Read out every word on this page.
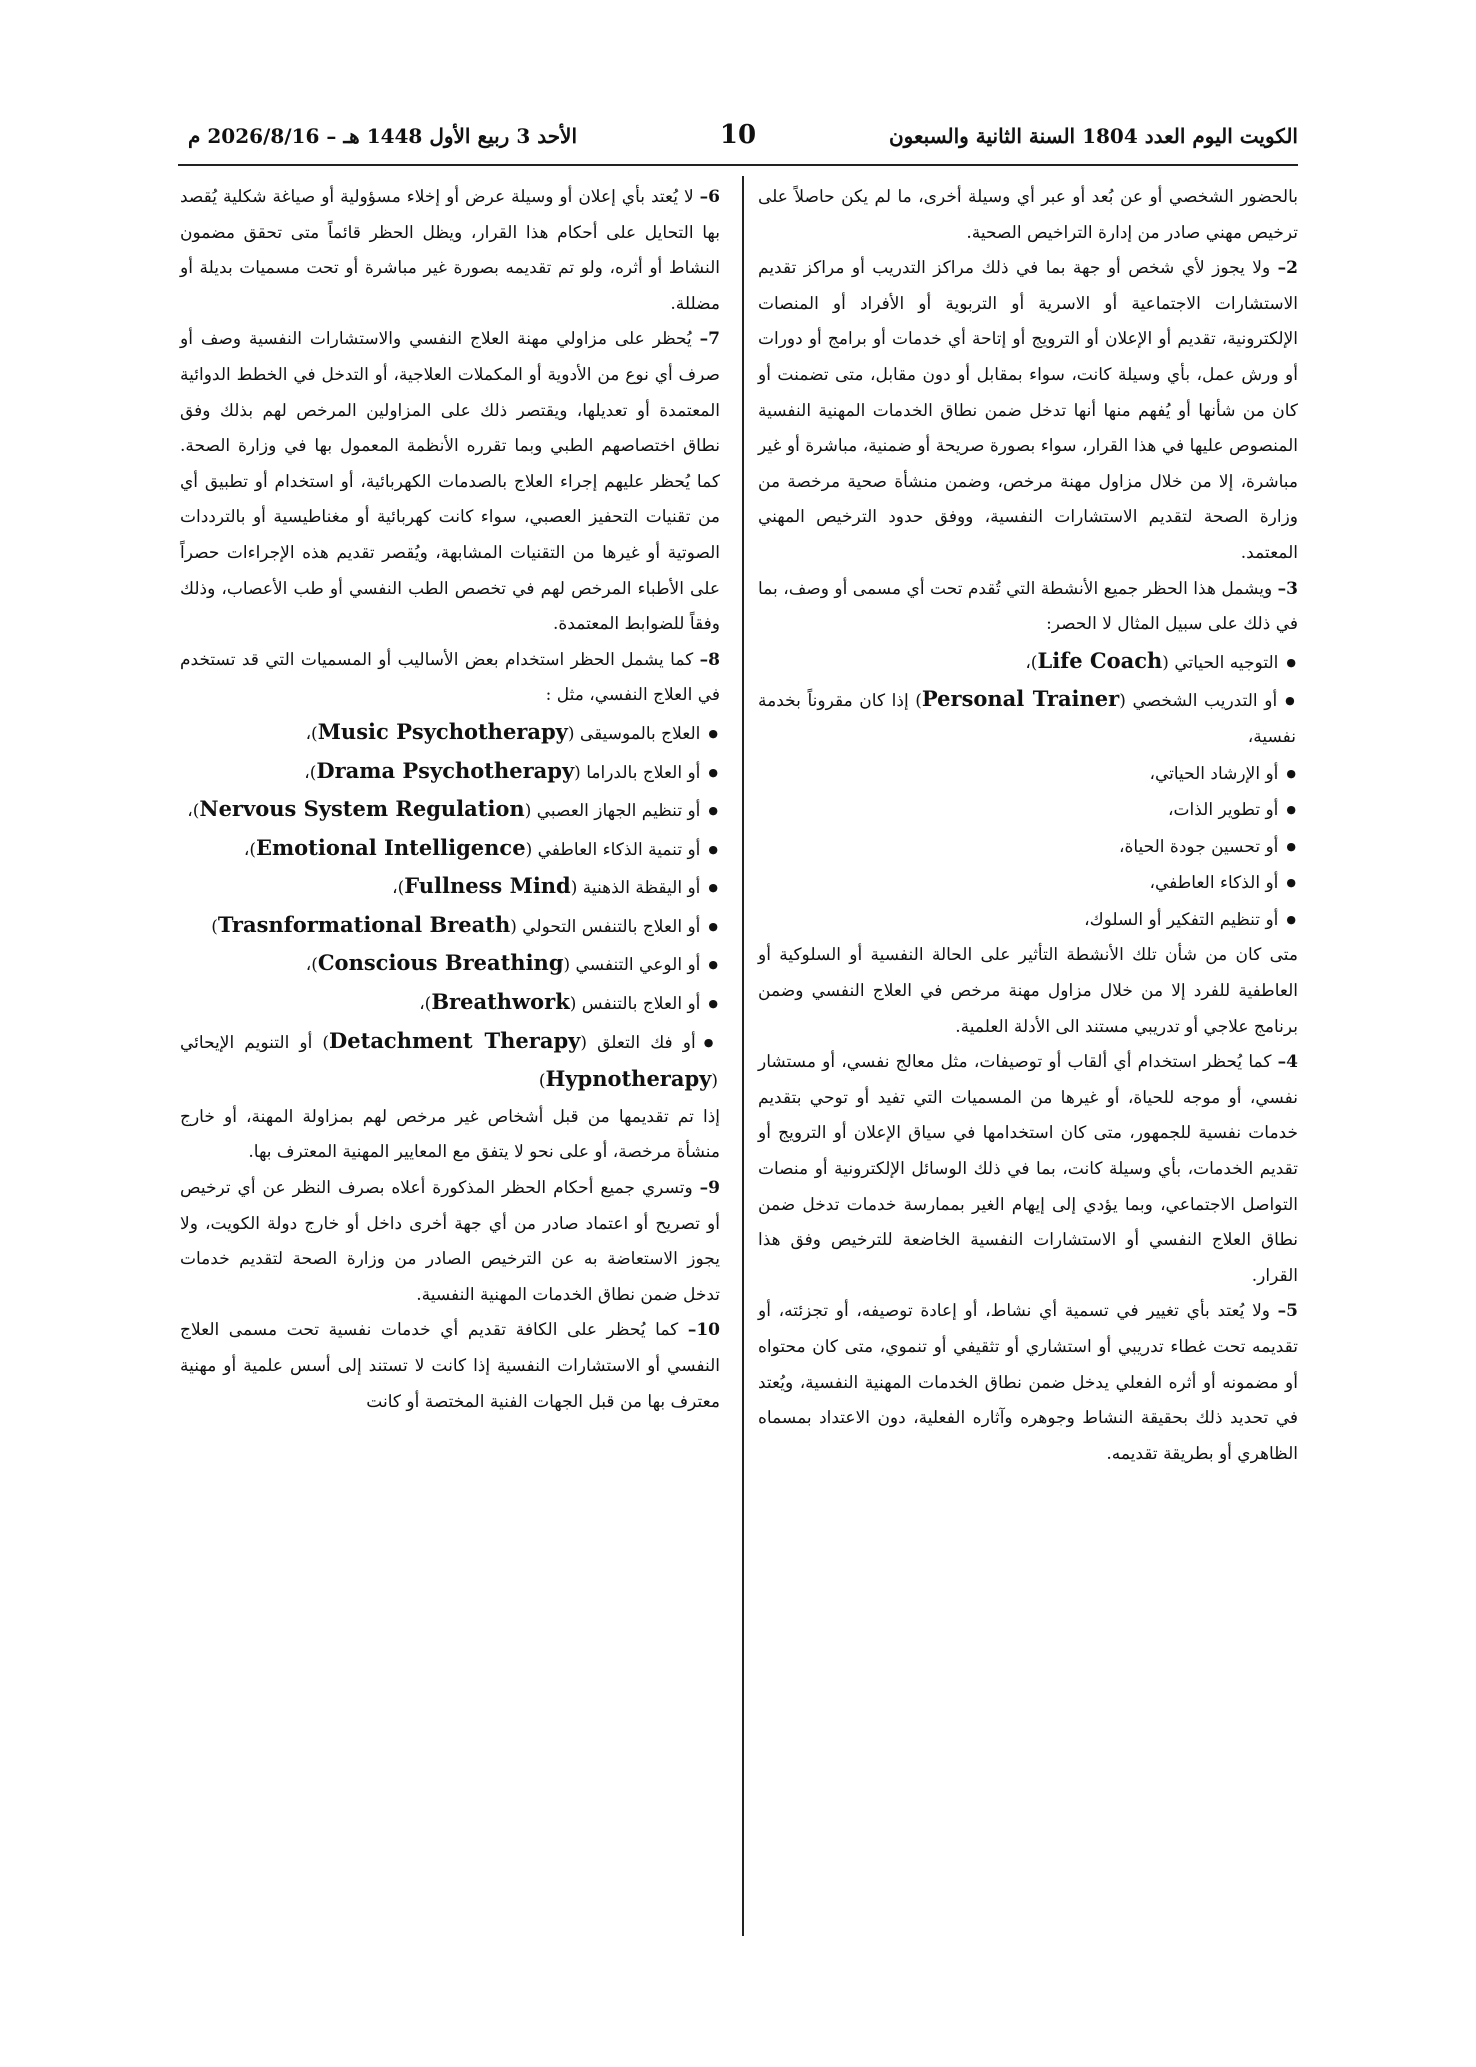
الكويت اليوم العدد 1804 السنة الثانية والسبعون
10
الأحد 3 ربيع الأول 1448 هـ – 2026/8/16 م

بالحضور الشخصي أو عن بُعد أو عبر أي وسيلة أخرى، ما لم يكن حاصلاً على ترخيص مهني صادر من إدارة التراخيص الصحية.

2– ولا يجوز لأي شخص أو جهة بما في ذلك مراكز التدريب أو مراكز تقديم الاستشارات الاجتماعية أو الاسرية أو التربوية أو الأفراد أو المنصات الإلكترونية، تقديم أو الإعلان أو الترويج أو إتاحة أي خدمات أو برامج أو دورات أو ورش عمل، بأي وسيلة كانت، سواء بمقابل أو دون مقابل، متى تضمنت أو كان من شأنها أو يُفهم منها أنها تدخل ضمن نطاق الخدمات المهنية النفسية المنصوص عليها في هذا القرار، سواء بصورة صريحة أو ضمنية، مباشرة أو غير مباشرة، إلا من خلال مزاول مهنة مرخص، وضمن منشأة صحية مرخصة من وزارة الصحة لتقديم الاستشارات النفسية، ووفق حدود الترخيص المهني المعتمد.

3– ويشمل هذا الحظر جميع الأنشطة التي تُقدم تحت أي مسمى أو وصف، بما في ذلك على سبيل المثال لا الحصر:

● التوجيه الحياتي (Life Coach)،

● أو التدريب الشخصي (Personal Trainer) إذا كان مقروناً بخدمة نفسية،

● أو الإرشاد الحياتي،

● أو تطوير الذات،

● أو تحسين جودة الحياة،

● أو الذكاء العاطفي،

● أو تنظيم التفكير أو السلوك،

متى كان من شأن تلك الأنشطة التأثير على الحالة النفسية أو السلوكية أو العاطفية للفرد إلا من خلال مزاول مهنة مرخص في العلاج النفسي وضمن برنامج علاجي أو تدريبي مستند الى الأدلة العلمية.

4– كما يُحظر استخدام أي ألقاب أو توصيفات، مثل معالج نفسي، أو مستشار نفسي، أو موجه للحياة، أو غيرها من المسميات التي تفيد أو توحي بتقديم خدمات نفسية للجمهور، متى كان استخدامها في سياق الإعلان أو الترويج أو تقديم الخدمات، بأي وسيلة كانت، بما في ذلك الوسائل الإلكترونية أو منصات التواصل الاجتماعي، وبما يؤدي إلى إيهام الغير بممارسة خدمات تدخل ضمن نطاق العلاج النفسي أو الاستشارات النفسية الخاضعة للترخيص وفق هذا القرار.

5– ولا يُعتد بأي تغيير في تسمية أي نشاط، أو إعادة توصيفه، أو تجزئته، أو تقديمه تحت غطاء تدريبي أو استشاري أو تثقيفي أو تنموي، متى كان محتواه أو مضمونه أو أثره الفعلي يدخل ضمن نطاق الخدمات المهنية النفسية، ويُعتد في تحديد ذلك بحقيقة النشاط وجوهره وآثاره الفعلية، دون الاعتداد بمسماه الظاهري أو بطريقة تقديمه.

6– لا يُعتد بأي إعلان أو وسيلة عرض أو إخلاء مسؤولية أو صياغة شكلية يُقصد بها التحايل على أحكام هذا القرار، ويظل الحظر قائماً متى تحقق مضمون النشاط أو أثره، ولو تم تقديمه بصورة غير مباشرة أو تحت مسميات بديلة أو مضللة.

7– يُحظر على مزاولي مهنة العلاج النفسي والاستشارات النفسية وصف أو صرف أي نوع من الأدوية أو المكملات العلاجية، أو التدخل في الخطط الدوائية المعتمدة أو تعديلها، ويقتصر ذلك على المزاولين المرخص لهم بذلك وفق نطاق اختصاصهم الطبي وبما تقرره الأنظمة المعمول بها في وزارة الصحة. كما يُحظر عليهم إجراء العلاج بالصدمات الكهربائية، أو استخدام أو تطبيق أي من تقنيات التحفيز العصبي، سواء كانت كهربائية أو مغناطيسية أو بالترددات الصوتية أو غيرها من التقنيات المشابهة، ويُقصر تقديم هذه الإجراءات حصراً على الأطباء المرخص لهم في تخصص الطب النفسي أو طب الأعصاب، وذلك وفقاً للضوابط المعتمدة.

8– كما يشمل الحظر استخدام بعض الأساليب أو المسميات التي قد تستخدم في العلاج النفسي، مثل :

● العلاج بالموسيقى (Music Psychotherapy)،

● أو العلاج بالدراما (Drama Psychotherapy)،

● أو تنظيم الجهاز العصبي (Nervous System Regulation)،

● أو تنمية الذكاء العاطفي (Emotional Intelligence)،

● أو اليقظة الذهنية (Fullness Mind)،

● أو العلاج بالتنفس التحولي (Trasnformational Breath)

● أو الوعي التنفسي (Conscious Breathing)،

● أو العلاج بالتنفس (Breathwork)،

● أو فك التعلق (Detachment Therapy) أو التنويم الإيحائي (Hypnotherapy)

إذا تم تقديمها من قبل أشخاص غير مرخص لهم بمزاولة المهنة، أو خارج منشأة مرخصة، أو على نحو لا يتفق مع المعايير المهنية المعترف بها.

9– وتسري جميع أحكام الحظر المذكورة أعلاه بصرف النظر عن أي ترخيص أو تصريح أو اعتماد صادر من أي جهة أخرى داخل أو خارج دولة الكويت، ولا يجوز الاستعاضة به عن الترخيص الصادر من وزارة الصحة لتقديم خدمات تدخل ضمن نطاق الخدمات المهنية النفسية.

10– كما يُحظر على الكافة تقديم أي خدمات نفسية تحت مسمى العلاج النفسي أو الاستشارات النفسية إذا كانت لا تستند إلى أسس علمية أو مهنية معترف بها من قبل الجهات الفنية المختصة أو كانت
